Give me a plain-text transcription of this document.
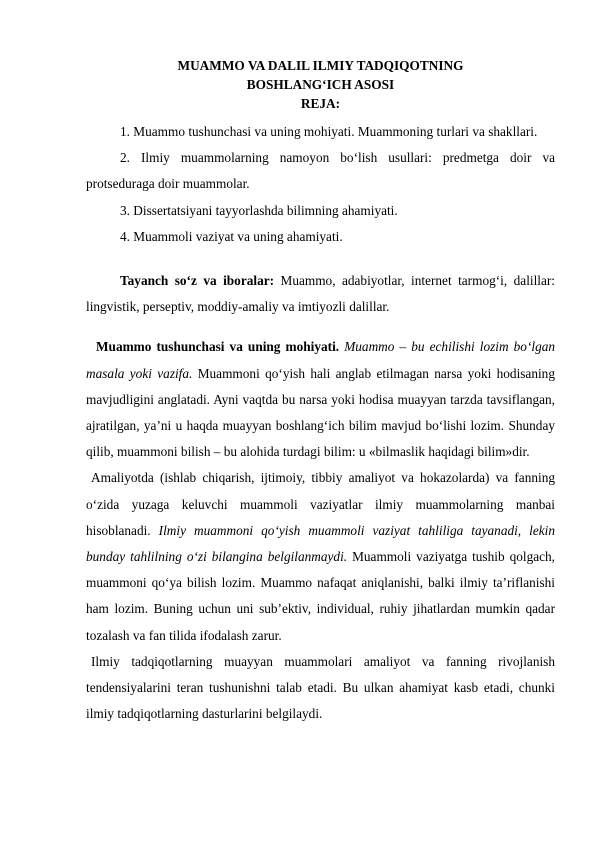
MUAMMO VA DALIL ILMIY TADQIQOTNING

BOSHLANG‘ICH ASOSI

REJA:

1. Muammo tushunchasi va uning mohiyati. Muammoning turlari va shakllari.

2. Ilmiy muammolarning namoyon bo‘lish usullari: predmetga doir va protseduraga doir muammolar.

3. Dissertatsiyani tayyorlashda bilimning ahamiyati.

4. Muammoli vaziyat va uning ahamiyati.

Tayanch so‘z va iboralar: Muammo, adabiyotlar, internet tarmog‘i, dalillar: lingvistik, perseptiv, moddiy-amaliy va imtiyozli dalillar.

Muammo tushunchasi va uning mohiyati. Muammo – bu echilishi lozim bo‘lgan masala yoki vazifa. Muammoni qo‘yish hali anglab etilmagan narsa yoki hodisaning mavjudligini anglatadi. Ayni vaqtda bu narsa yoki hodisa muayyan tarzda tavsiflangan, ajratilgan, ya’ni u haqda muayyan boshlang‘ich bilim mavjud bo‘lishi lozim. Shunday qilib, muammoni bilish – bu alohida turdagi bilim: u «bilmaslik haqidagi bilim»dir.

Amaliyotda (ishlab chiqarish, ijtimoiy, tibbiy amaliyot va hokazolarda) va fanning o‘zida yuzaga keluvchi muammoli vaziyatlar ilmiy muammolarning manbai hisoblanadi. Ilmiy muammoni qo‘yish muammoli vaziyat tahliliga tayanadi, lekin bunday tahlilning o‘zi bilangina belgilanmaydi. Muammoli vaziyatga tushib qolgach, muammoni qo‘ya bilish lozim. Muammo nafaqat aniqlanishi, balki ilmiy ta’riflanishi ham lozim. Buning uchun uni sub’ektiv, individual, ruhiy jihatlardan mumkin qadar tozalash va fan tilida ifodalash zarur.

Ilmiy tadqiqotlarning muayyan muammolari amaliyot va fanning rivojlanish tendensiyalarini teran tushunishni talab etadi. Bu ulkan ahamiyat kasb etadi, chunki ilmiy tadqiqotlarning dasturlarini belgilaydi.
